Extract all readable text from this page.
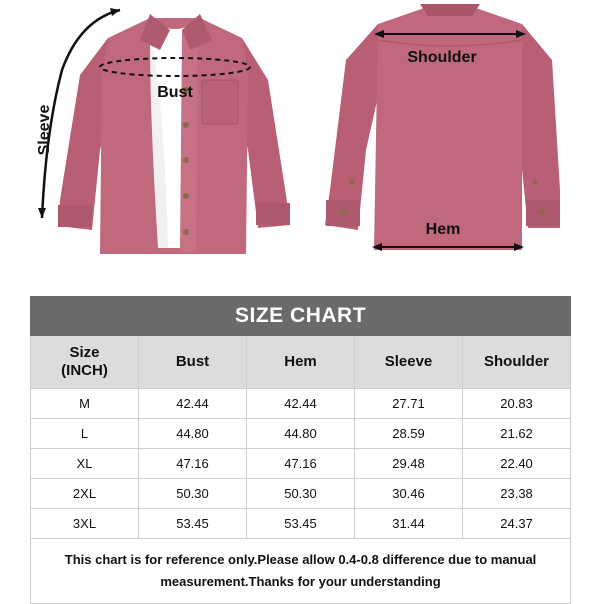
Sleeve
Bust
Shoulder
Hem
SIZE CHART				
Size
(INCH)	Bust	Hem	Sleeve	Shoulder
M	42.44	42.44	27.71	20.83
L	44.80	44.80	28.59	21.62
XL	47.16	47.16	29.48	22.40
2XL	50.30	50.30	30.46	23.38
3XL	53.45	53.45	31.44	24.37
This chart is for reference only.Please allow 0.4-0.8 difference due to manual
measurement.Thanks for your understanding				
